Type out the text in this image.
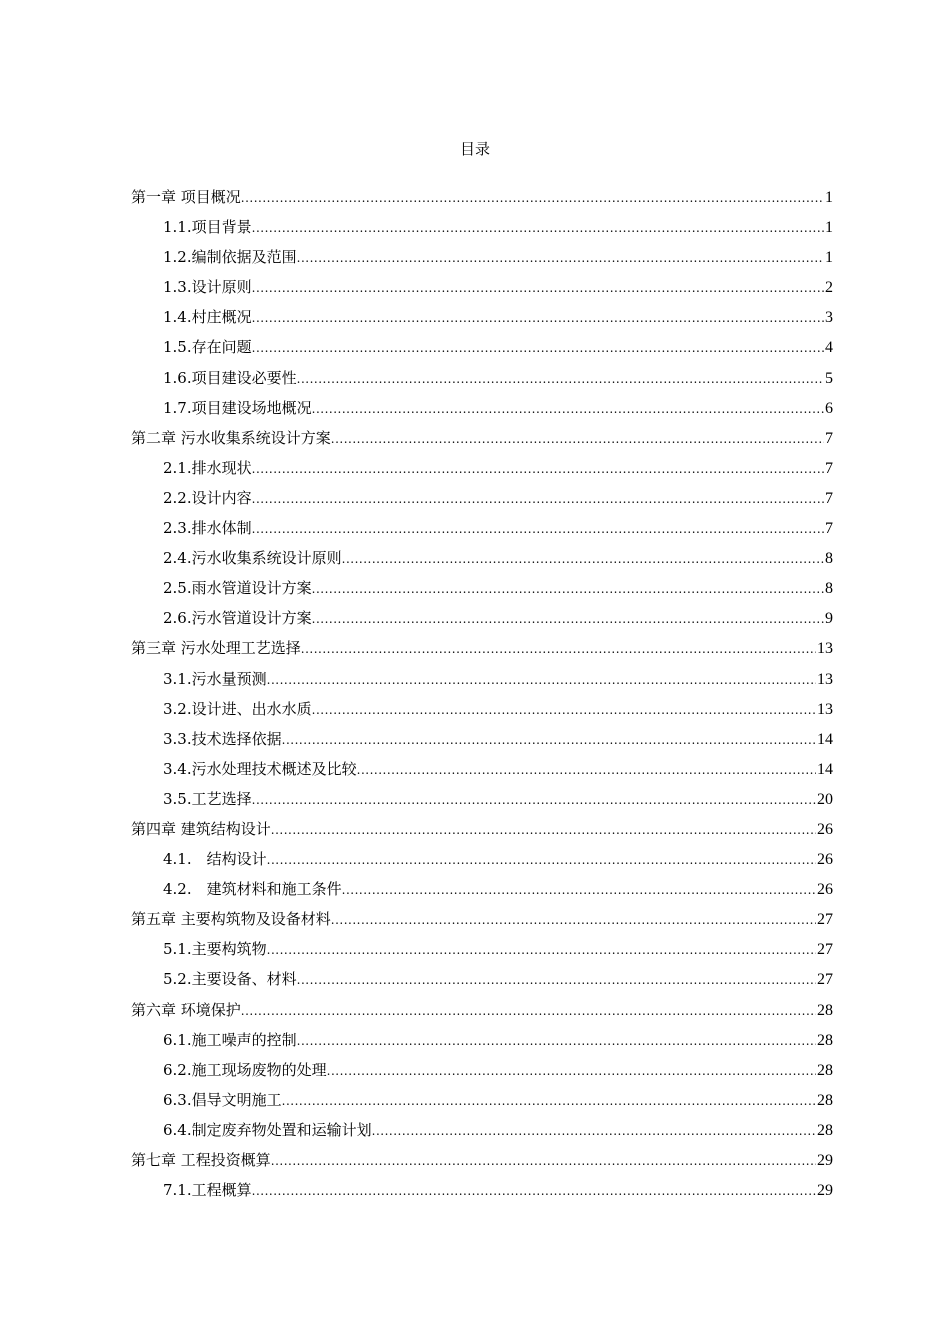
目录
第一章 项目概况 .....	1
1.1.项目背景 .....	1
1.2.编制依据及范围 .....	1
1.3.设计原则 .....	2
1.4.村庄概况 .....	3
1.5.存在问题 .....	4
1.6.项目建设必要性 .....	5
1.7.项目建设场地概况 .....	6
第二章 污水收集系统设计方案 .....	7
2.1.排水现状 .....	7
2.2.设计内容 .....	7
2.3.排水体制 .....	7
2.4.污水收集系统设计原则 .....	8
2.5.雨水管道设计方案 .....	8
2.6.污水管道设计方案 .....	9
第三章 污水处理工艺选择 .....	13
3.1.污水量预测 .....	13
3.2.设计进、出水水质 .....	13
3.3.技术选择依据 .....	14
3.4.污水处理技术概述及比较 .....	14
3.5.工艺选择 .....	20
第四章 建筑结构设计 .....	26
4.1.　结构设计 .....	26
4.2.　建筑材料和施工条件 .....	26
第五章 主要构筑物及设备材料 .....	27
5.1.主要构筑物 .....	27
5.2.主要设备、材料 .....	27
第六章 环境保护 .....	28
6.1.施工噪声的控制 .....	28
6.2.施工现场废物的处理 .....	28
6.3.倡导文明施工 .....	28
6.4.制定废弃物处置和运输计划 .....	28
第七章 工程投资概算 .....	29
7.1.工程概算 .....	29
